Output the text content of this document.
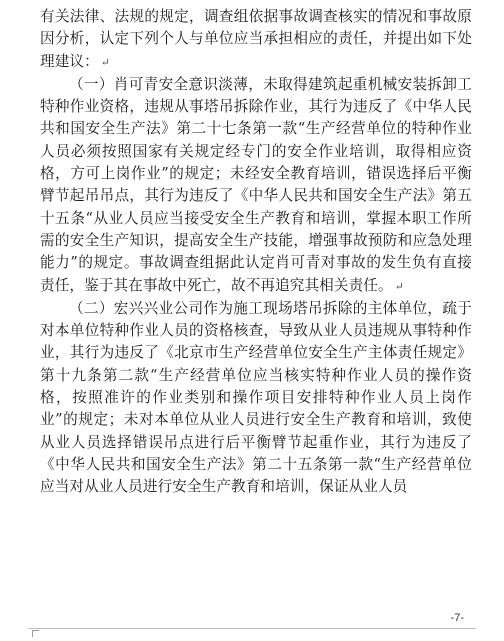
有关法律、法规的规定，调查组依据事故调查核实的情况和事故原因分析，认定下列个人与单位应当承担相应的责任，并提出如下处理建议： ↵

（一）肖可青安全意识淡薄，未取得建筑起重机械安装拆卸工特种作业资格，违规从事塔吊拆除作业，其行为违反了《中华人民共和国安全生产法》第二十七条第一款“生产经营单位的特种作业人员必须按照国家有关规定经专门的安全作业培训，取得相应资格，方可上岗作业”的规定；未经安全教育培训，错误选择后平衡臂节起吊吊点，其行为违反了《中华人民共和国安全生产法》第五十五条“从业人员应当接受安全生产教育和培训，掌握本职工作所需的安全生产知识，提高安全生产技能，增强事故预防和应急处理能力”的规定。事故调查组据此认定肖可青对事故的发生负有直接责任，鉴于其在事故中死亡，故不再追究其相关责任。 ↵

（二）宏兴兴业公司作为施工现场塔吊拆除的主体单位，疏于对本单位特种作业人员的资格核查，导致从业人员违规从事特种作业，其行为违反了《北京市生产经营单位安全生产主体责任规定》第十九条第二款“生产经营单位应当核实特种作业人员的操作资格，按照准许的作业类别和操作项目安排特种作业人员上岗作业”的规定；未对本单位从业人员进行安全生产教育和培训，致使从业人员选择错误吊点进行后平衡臂节起重作业，其行为违反了《中华人民共和国安全生产法》第二十五条第一款“生产经营单位应当对从业人员进行安全生产教育和培训，保证从业人员

-7-
